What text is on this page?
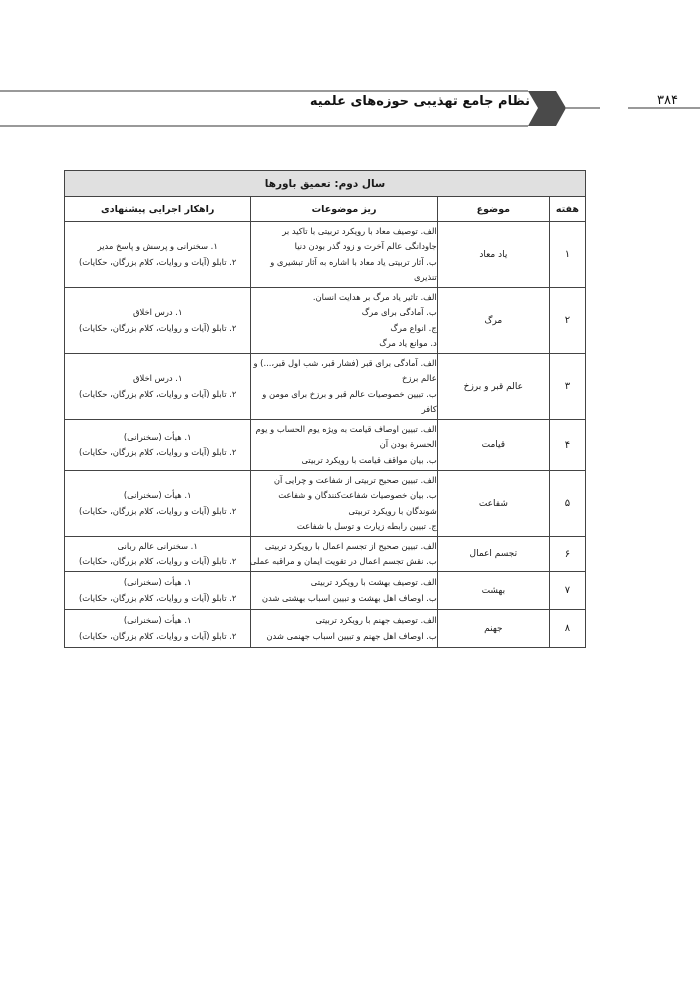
نظام جامع تهذیبی حوزه‌های علمیه	۳۸۴
سال دوم: تعمیق باورها			
هفته	موضوع	ریز موضوعات	راهکار اجرایی پیشنهادی
۱	یاد معاد	الف. توصیف معاد با رویکرد تربیتی با تاکید بر
جاودانگی عالم آخرت و زود گذر بودن دنیا
ب. آثار تربیتی یاد معاد با اشاره به آثار تبشیری و
تنذیری	۱. سخنرانی و پرسش و پاسخ مدیر
۲. تابلو (آیات و روایات، کلام بزرگان، حکایات)

۲	مرگ	الف. تاثیر یاد مرگ بر هدایت انسان.
ب. آمادگی برای مرگ
ج. انواع مرگ
د. موانع یاد مرگ	۱. درس اخلاق
۲. تابلو (آیات و روایات، کلام بزرگان، حکایات)

۳	عالم قبر و برزخ	الف. آمادگی برای قبر (فشار قبر، شب اول قبر،...) و
عالم برزخ
ب. تبیین خصوصیات عالم قبر و برزخ برای مومن و
کافر	۱. درس اخلاق
۲. تابلو (آیات و روایات، کلام بزرگان، حکایات)

۴	قیامت	الف. تبیین اوصاف قیامت به ویژه یوم الحساب و یوم
الحسرة بودن آن
ب. بیان مواقف قیامت با رویکرد تربیتی	۱. هیأت (سخنرانی)
۲. تابلو (آیات و روایات، کلام بزرگان، حکایات)

۵	شفاعت	الف. تبیین صحیح تربیتی از شفاعت و چرایی آن
ب. بیان خصوصیات شفاعت‌کنندگان و شفاعت
شوندگان با رویکرد تربیتی
ج. تبیین رابطه زیارت و توسل با شفاعت	۱. هیأت (سخنرانی)
۲. تابلو (آیات و روایات، کلام بزرگان، حکایات)

۶	تجسم اعمال	الف. تبیین صحیح از تجسم اعمال با رویکرد تربیتی
ب. نقش تجسم اعمال در تقویت ایمان و مراقبه عملی	۱. سخنرانی عالم ربانی
۲. تابلو (آیات و روایات، کلام بزرگان، حکایات)

۷	بهشت	الف. توصیف بهشت با رویکرد تربیتی
ب. اوصاف اهل بهشت و تبیین اسباب بهشتی شدن	۱. هیأت (سخنرانی)
۲. تابلو (آیات و روایات، کلام بزرگان، حکایات)

۸	جهنم	الف. توصیف جهنم با رویکرد تربیتی
ب. اوصاف اهل جهنم و تبیین اسباب جهنمی شدن	۱. هیأت (سخنرانی)
۲. تابلو (آیات و روایات، کلام بزرگان، حکایات)
